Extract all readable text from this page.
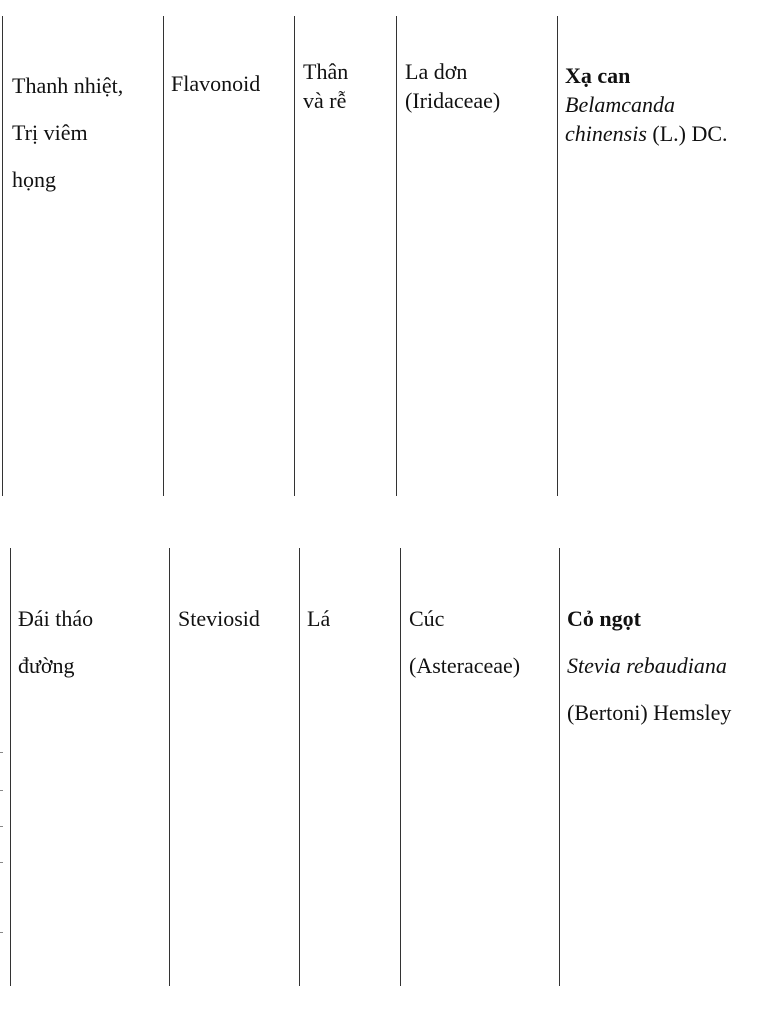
Thanh nhiệt,
Trị viêm
họng
Flavonoid Thân
và rễ
La dơn
(Iridaceae)
Xạ can
Belamcanda
chinensis (L.) DC.
Đái tháo
đường
Steviosid Lá	Cúc
(Asteraceae)
Cỏ ngọt
Stevia rebaudiana
(Bertoni) Hemsley
